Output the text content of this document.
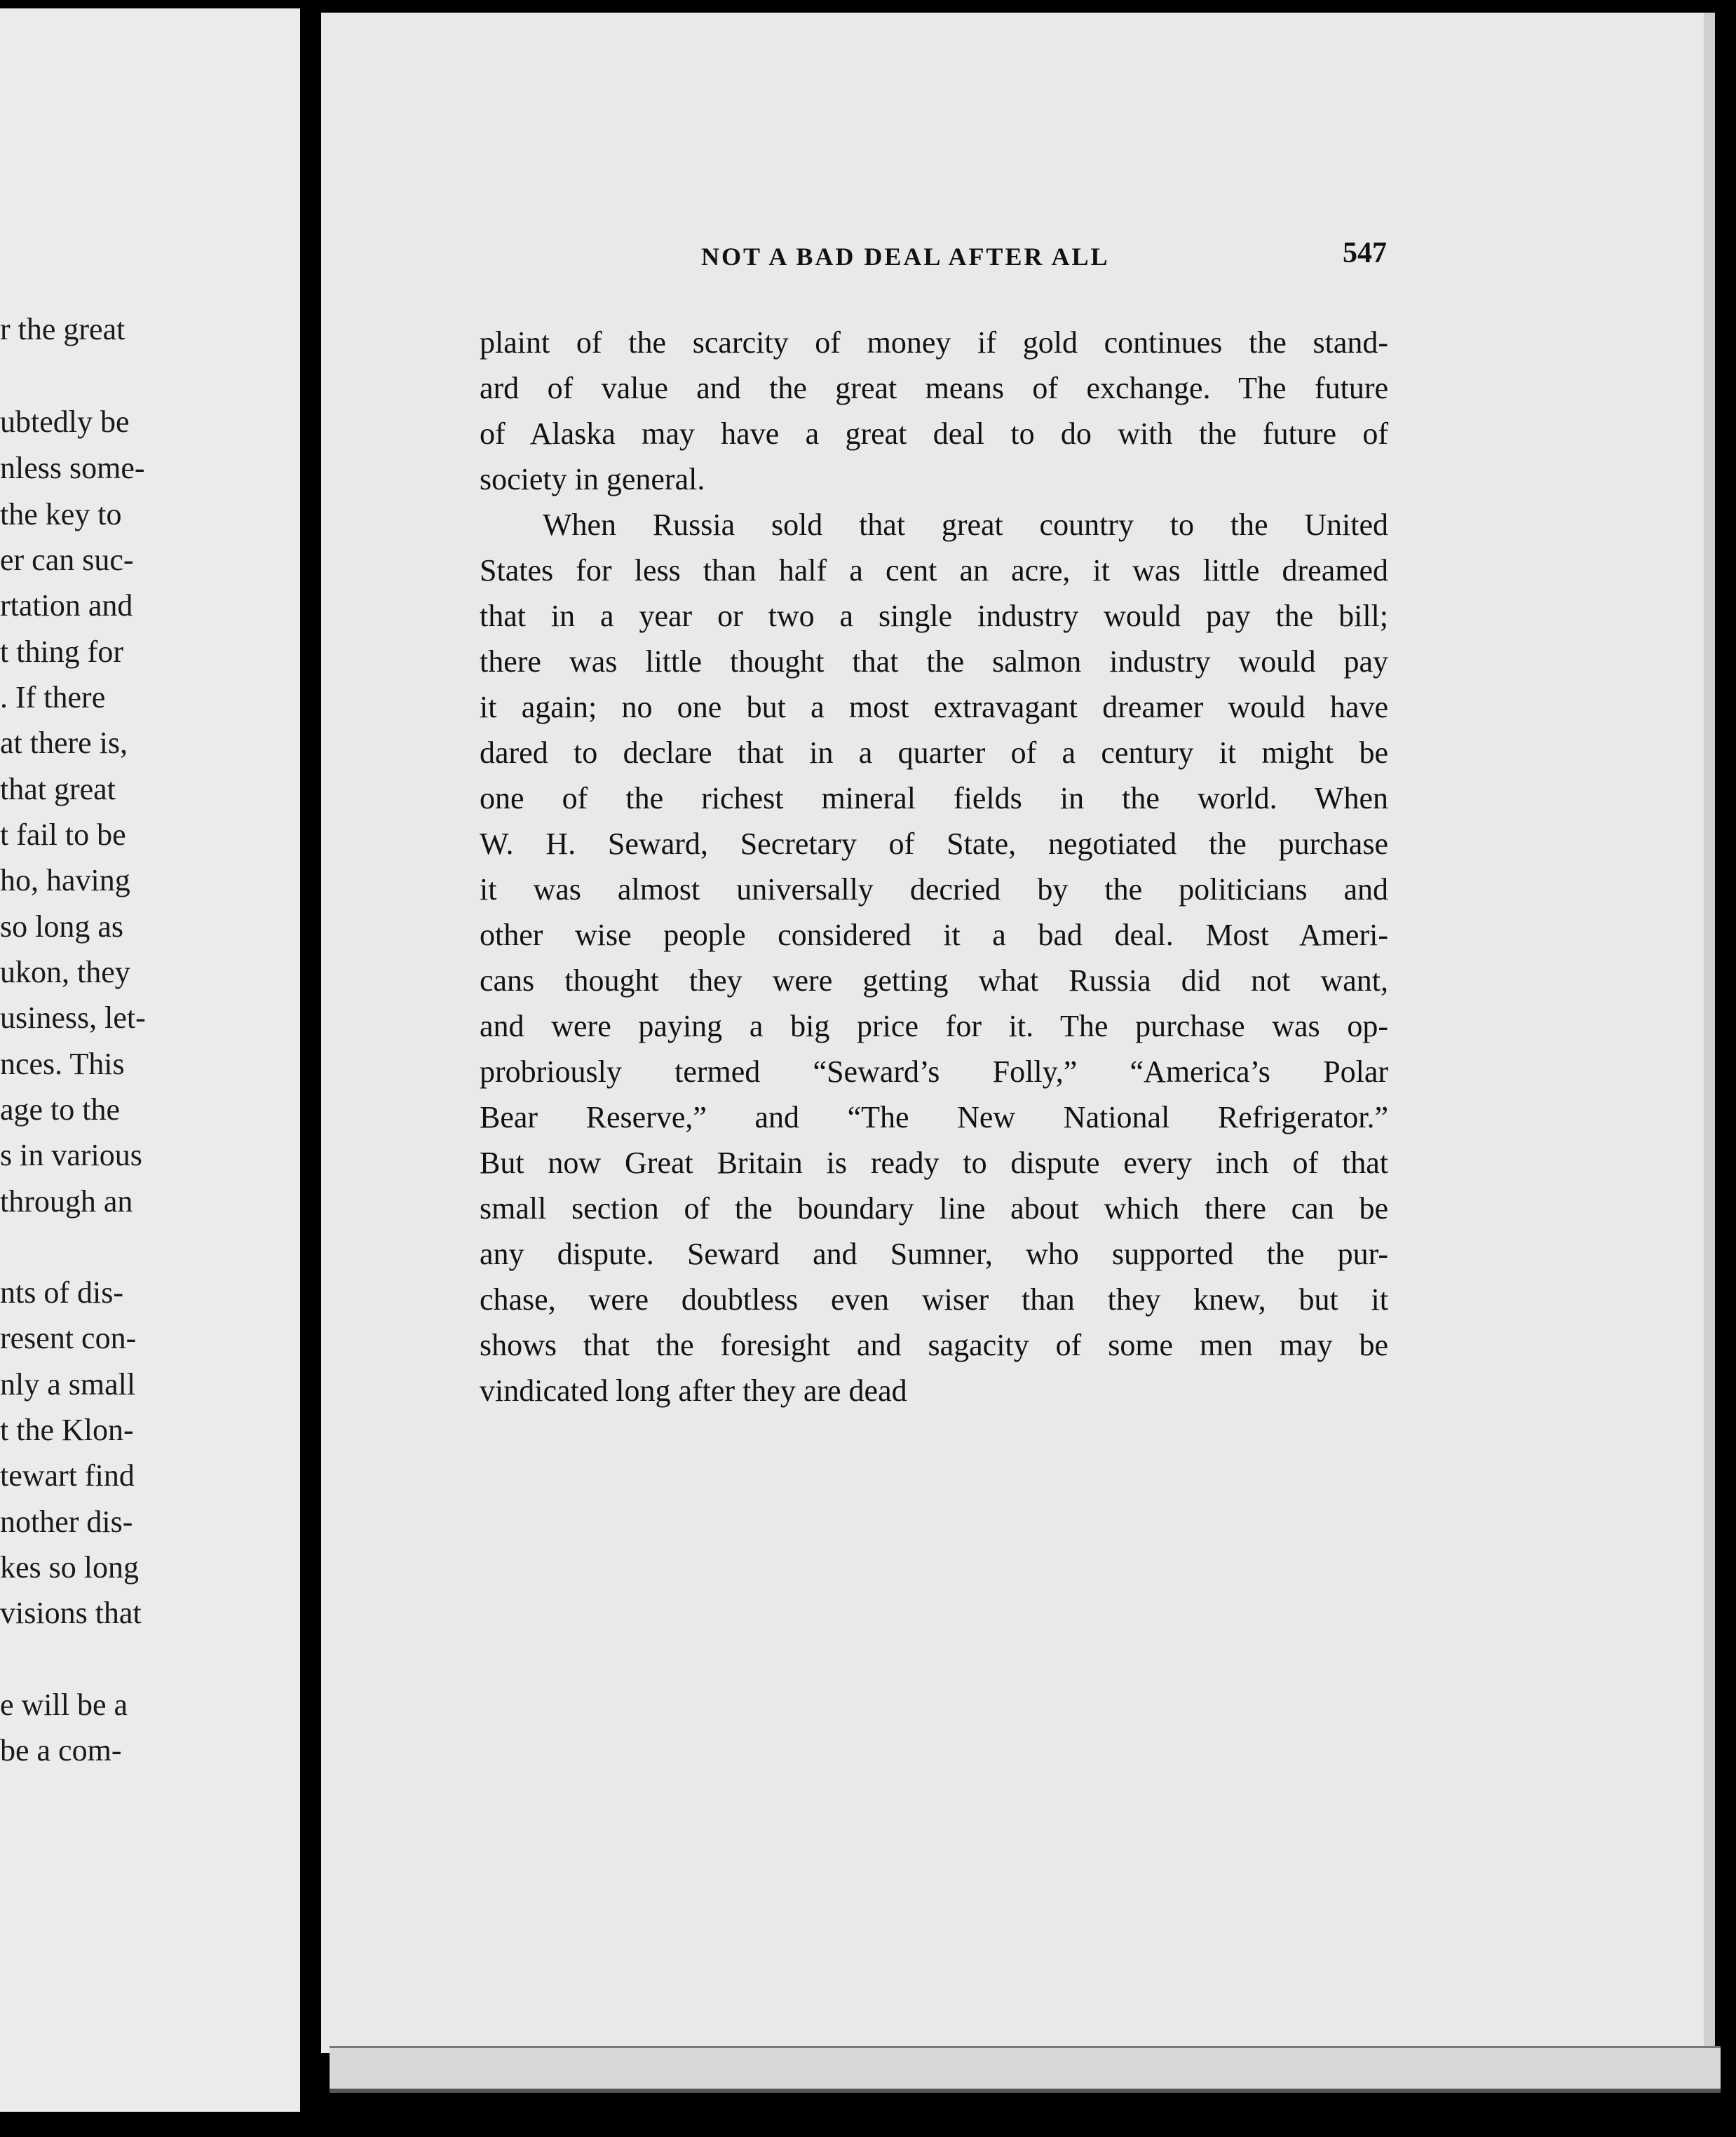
r the great
ubtedly be
nless some-
the key to
er can suc-
rtation and
t thing for
. If there
at there is,
that great
t fail to be
ho, having
so long as
ukon, they
usiness, let-
nces. This
age to the
s in various
through an
nts of dis-
resent con-
nly a small
t the Klon-
tewart find
nother dis-
kes so long
visions that
e will be a
be a com-
NOT A BAD DEAL AFTER ALL	547
plaint of the scarcity of money if gold continues the stand-
ard of value and the great means of exchange. The future
of Alaska may have a great deal to do with the future of
society in general.
When Russia sold that great country to the United
States for less than half a cent an acre, it was little dreamed
that in a year or two a single industry would pay the bill;
there was little thought that the salmon industry would pay
it again; no one but a most extravagant dreamer would have
dared to declare that in a quarter of a century it might be
one of the richest mineral fields in the world. When
W. H. Seward, Secretary of State, negotiated the purchase
it was almost universally decried by the politicians and
other wise people considered it a bad deal. Most Ameri-
cans thought they were getting what Russia did not want,
and were paying a big price for it. The purchase was op-
probriously termed “Seward’s Folly,” “America’s Polar
Bear Reserve,” and “The New National Refrigerator.”
But now Great Britain is ready to dispute every inch of that
small section of the boundary line about which there can be
any dispute. Seward and Sumner, who supported the pur-
chase, were doubtless even wiser than they knew, but it
shows that the foresight and sagacity of some men may be
vindicated long after they are dead
